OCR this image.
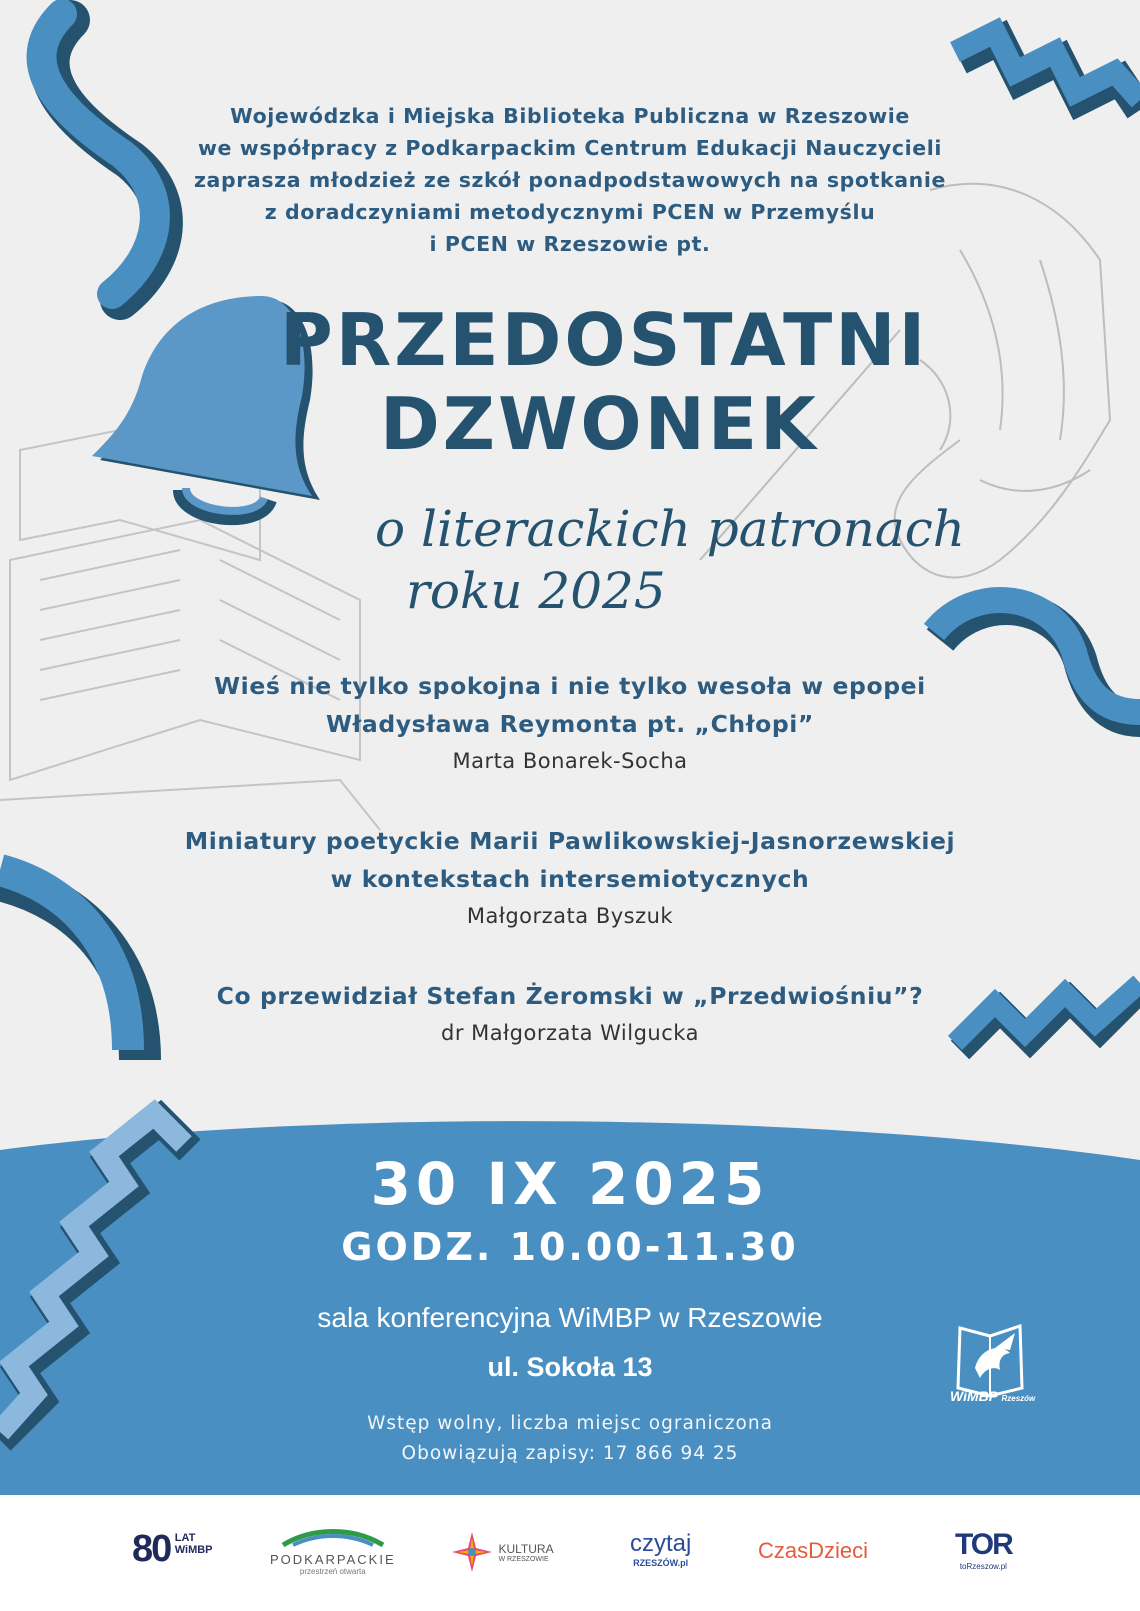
Wojewódzka i Miejska Biblioteka Publiczna w Rzeszowie
we współpracy z Podkarpackim Centrum Edukacji Nauczycieli
zaprasza młodzież ze szkół ponadpodstawowych na spotkanie
z doradczyniami metodycznymi PCEN w Przemyślu
i PCEN w Rzeszowie pt.
PRZEDOSTATNI
DZWONEK
o literackich patronach
roku 2025
Wieś nie tylko spokojna i nie tylko wesoła w epopei
Władysława Reymonta pt. „Chłopi”
Marta Bonarek-Socha
Miniatury poetyckie Marii Pawlikowskiej-Jasnorzewskiej
w kontekstach intersemiotycznych
Małgorzata Byszuk
Co przewidział Stefan Żeromski w „Przedwiośniu”?
dr Małgorzata Wilgucka
30 IX 2025
GODZ. 10.00-11.30
sala konferencyjna WiMBP w Rzeszowie
ul. Sokoła 13
Wstęp wolny, liczba miejsc ograniczona
Obowiązują zapisy: 17 866 94 25
WiMBP Rzeszów
80 LAT
WiMBP
PODKARPACKIE
przestrzeń otwarta

KULTURA
W RZESZOWIE
czytaj
RZESZÓW.pl	CzasDzieci	TOR
toRzeszow.pl
